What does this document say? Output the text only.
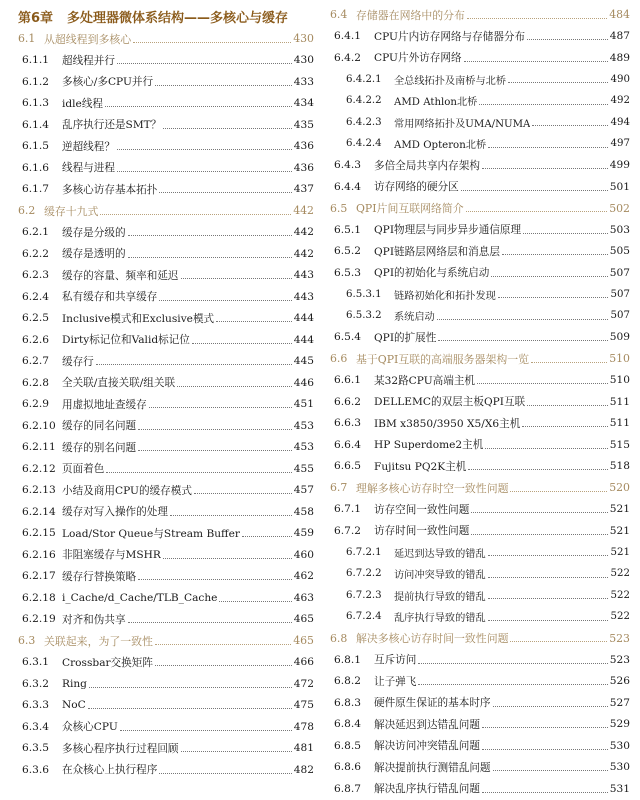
第6章 多处理器微体系结构——多核心与缓存
6.1 从超线程到多核心	430
6.1.1	超线程并行	430
6.1.2	多核心/多CPU并行	433
6.1.3	idle线程	434
6.1.4	乱序执行还是SMT？	435
6.1.5	逆超线程？	436
6.1.6	线程与进程	436
6.1.7	多核心访存基本拓扑	437
6.2 缓存十九式	442
6.2.1	缓存是分级的	442
6.2.2	缓存是透明的	442
6.2.3	缓存的容量、频率和延迟	443
6.2.4	私有缓存和共享缓存	443
6.2.5	Inclusive模式和Exclusive模式	444
6.2.6	Dirty标记位和Valid标记位	444
6.2.7	缓存行	445
6.2.8	全关联/直接关联/组关联	446
6.2.9	用虚拟地址查缓存	451
6.2.10 缓存的同名问题	453
6.2.11 缓存的别名问题	453
6.2.12 页面着色	455
6.2.13 小结及商用CPU的缓存模式	457
6.2.14 缓存对写入操作的处理	458
6.2.15 Load/Stor Queue与Stream Buffer	459
6.2.16 非阻塞缓存与MSHR	460
6.2.17 缓存行替换策略	462
6.2.18 i_Cache/d_Cache/TLB_Cache	463
6.2.19 对齐和伪共享	465
6.3 关联起来，为了一致性	465
6.3.1	Crossbar交换矩阵	466
6.3.2	Ring	472
6.3.3	NoC	475
6.3.4	众核心CPU	478
6.3.5	多核心程序执行过程回顾	481
6.3.6	在众核心上执行程序	482
6.4 存储器在网络中的分布	484
6.4.1	CPU片内访存网络与存储器分布	487
6.4.2	CPU片外访存网络	489
6.4.2.1	全总线拓扑及南桥与北桥	490
6.4.2.2	AMD Athlon北桥	492
6.4.2.3	常用网络拓扑及UMA/NUMA	494
6.4.2.4	AMD Opteron北桥	497
6.4.3	多倍全局共享内存架构	499
6.4.4	访存网络的硬分区	501
6.5 QPI片间互联网络简介	502
6.5.1	QPI物理层与同步异步通信原理	503
6.5.2	QPI链路层网络层和消息层	505
6.5.3	QPI的初始化与系统启动	507
6.5.3.1	链路初始化和拓扑发现	507
6.5.3.2	系统启动	507
6.5.4	QPI的扩展性	509
6.6 基于QPI互联的高端服务器架构一览	510
6.6.1	某32路CPU高端主机	510
6.6.2	DELLEMC的双层主板QPI互联	511
6.6.3	IBM x3850/3950 X5/X6主机	511
6.6.4	HP Superdome2主机	515
6.6.5	Fujitsu PQ2K主机	518
6.7 理解多核心访存时空一致性问题	520
6.7.1	访存空间一致性问题	521
6.7.2	访存时间一致性问题	521
6.7.2.1	延迟到达导致的错乱	521
6.7.2.2	访问冲突导致的错乱	522
6.7.2.3	提前执行导致的错乱	522
6.7.2.4	乱序执行导致的错乱	522
6.8 解决多核心访存时间一致性问题	523
6.8.1	互斥访问	523
6.8.2	让子弹飞	526
6.8.3	硬件原生保证的基本时序	527
6.8.4	解决延迟到达错乱问题	529
6.8.5	解决访问冲突错乱问题	530
6.8.6	解决提前执行测错乱问题	530
6.8.7	解决乱序执行错乱问题	531
